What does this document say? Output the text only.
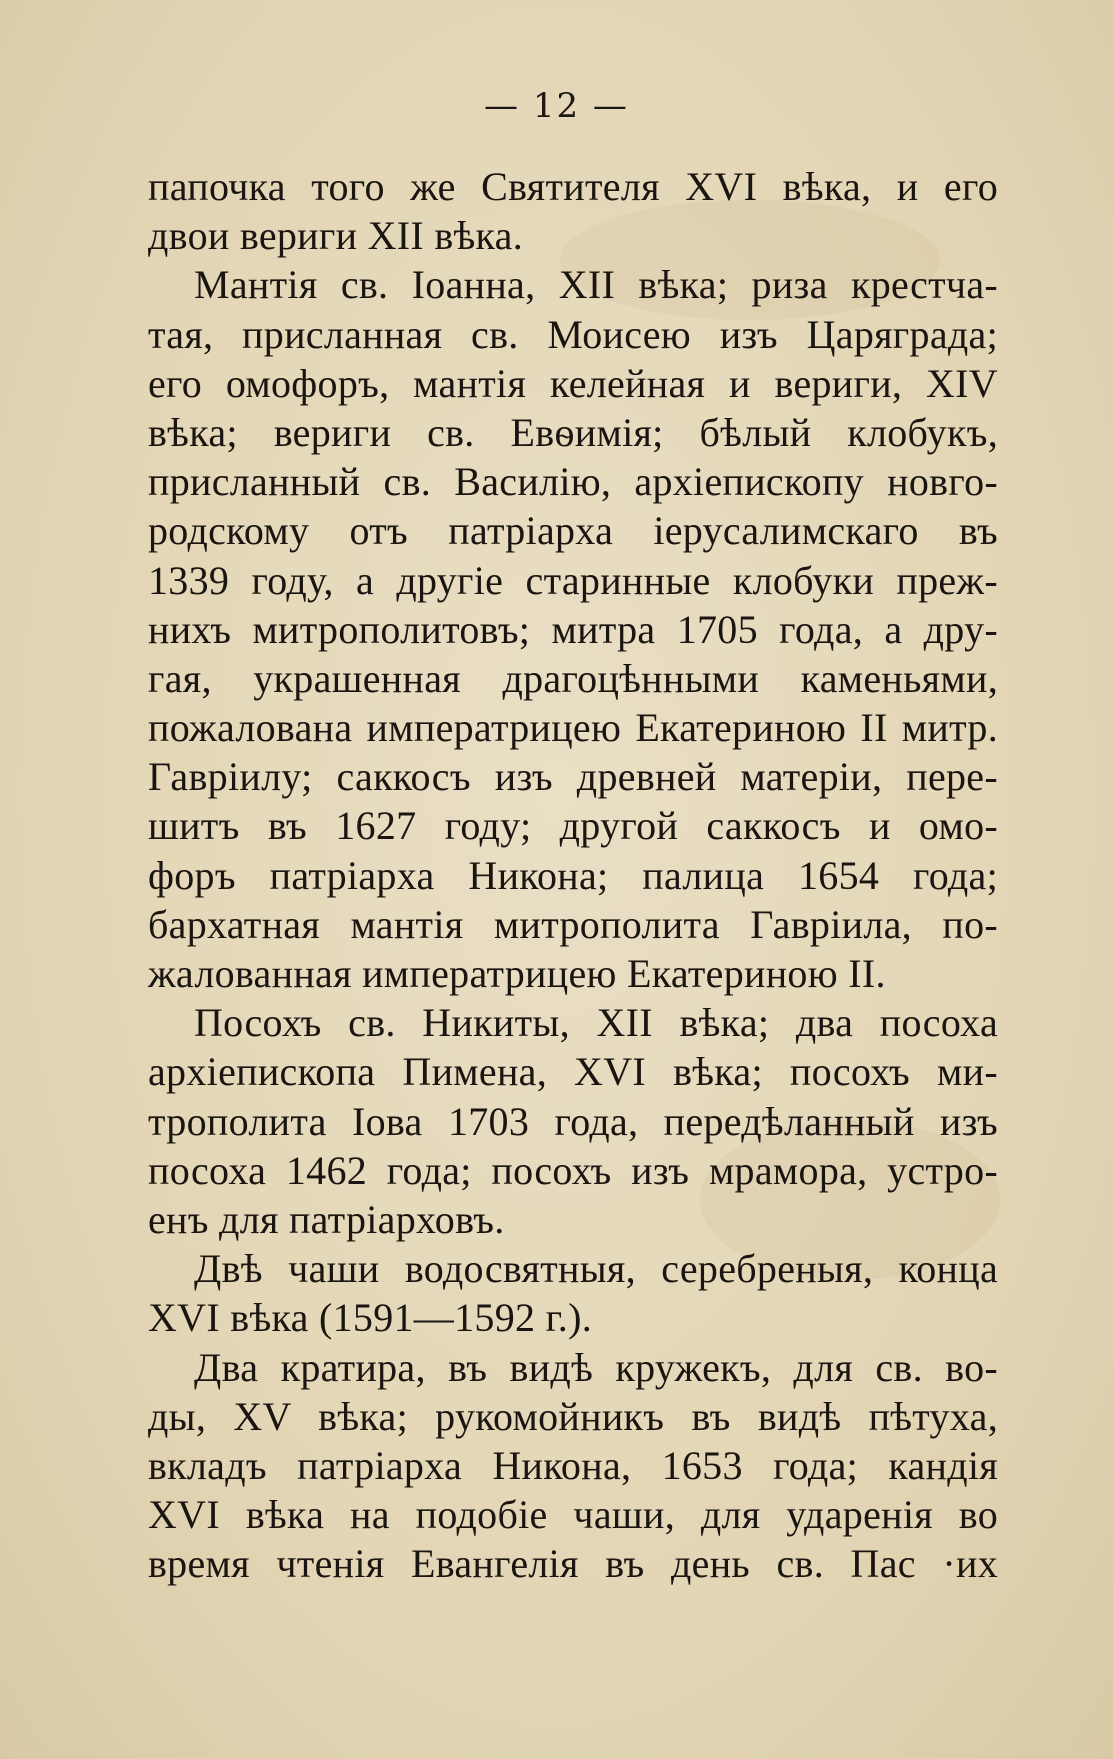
— 12 —
папочка того же Святителя XVI вѣка, и его
двои вериги XII вѣка.
Мантія св. Іоанна, XII вѣка; риза крестча-
тая, присланная св. Моисею изъ Царяграда;
его омофоръ, мантія келейная и вериги, XIV
вѣка; вериги св. Евѳимія; бѣлый клобукъ,
присланный св. Василію, архіепископу новго-
родскому отъ патріарха іерусалимскаго въ
1339 году, а другіе старинные клобуки преж-
нихъ митрополитовъ; митра 1705 года, а дру-
гая, украшенная драгоцѣнными каменьями,
пожалована императрицею Екатериною II митр.
Гавріилу; саккосъ изъ древней матеріи, пере-
шитъ въ 1627 году; другой саккосъ и омо-
форъ патріарха Никона; палица 1654 года;
бархатная мантія митрополита Гавріила, по-
жалованная императрицею Екатериною II.
Посохъ св. Никиты, XII вѣка; два посоха
архіепископа Пимена, XVI вѣка; посохъ ми-
трополита Іова 1703 года, передѣланный изъ
посоха 1462 года; посохъ изъ мрамора, устро-
енъ для патріарховъ.
Двѣ чаши водосвятныя, серебреныя, конца
XVI вѣка (1591—1592 г.).
Два кратира, въ видѣ кружекъ, для св. во-
ды, XV вѣка; рукомойникъ въ видѣ пѣтуха,
вкладъ патріарха Никона, 1653 года; кандія
XVI вѣка на подобіе чаши, для ударенія во
время чтенія Евангелія въ день св. Пас ·их
